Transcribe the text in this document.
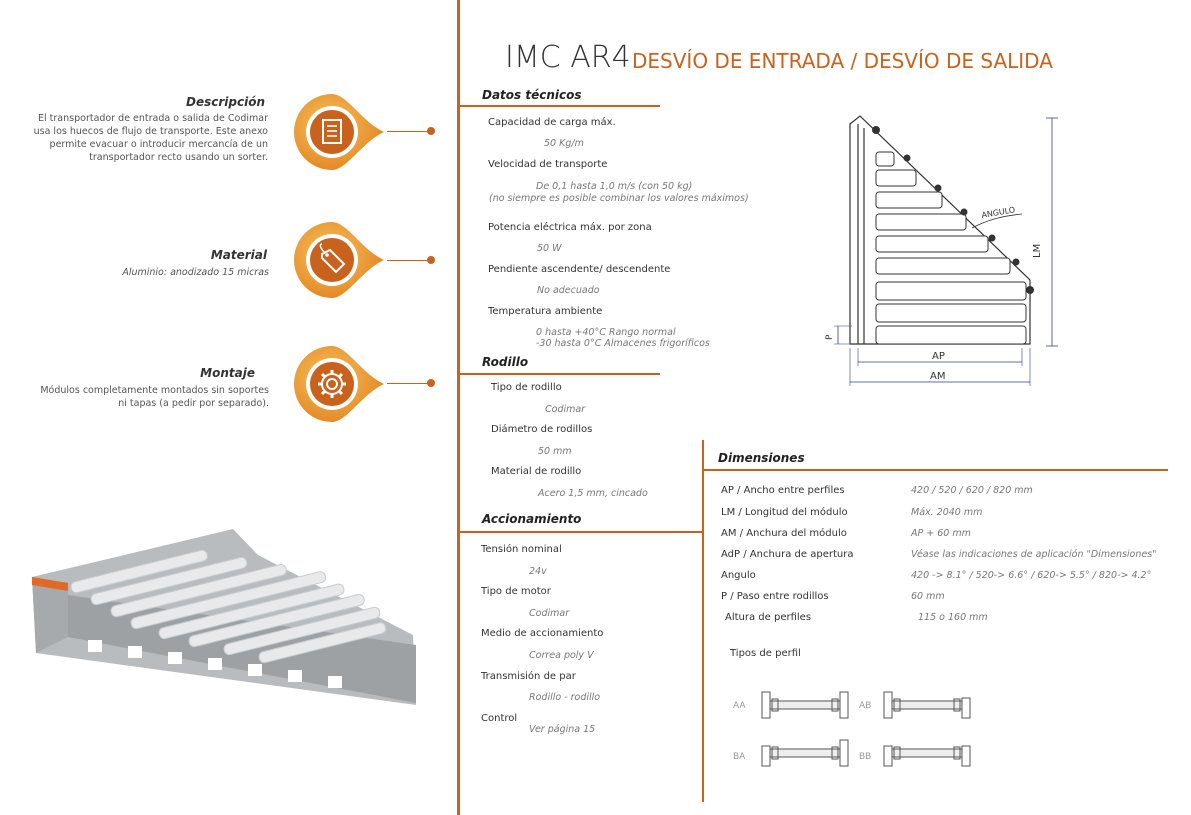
IMC AR4 DESVÍO DE ENTRADA / DESVÍO DE SALIDA
Descripción
El transportador de entrada o salida de Codimar
usa los huecos de flujo de transporte. Este anexo
permite evacuar o introducir mercancía de un
transportador recto usando un sorter.
Material
Aluminio: anodizado 15 micras
Montaje
Módulos completamente montados sin soportes
ni tapas (a pedir por separado).
Datos técnicos
Capacidad de carga máx.
50 Kg/m
Velocidad de transporte
De 0,1 hasta 1,0 m/s (con 50 kg)
(no siempre es posible combinar los valores máximos)
Potencia eléctrica máx. por zona
50 W
Pendiente ascendente/ descendente
No adecuado
Temperatura ambiente
0 hasta +40°C Rango normal
-30 hasta 0°C Almacenes frigoríficos
Rodillo
Tipo de rodillo
Codimar
Diámetro de rodillos
50 mm
Material de rodillo
Acero 1,5 mm, cincado
Accionamiento
Tensión nominal
24v
Tipo de motor
Codimar
Medio de accionamiento
Correa poly V
Transmisión de par
Rodillo - rodillo
Control
Ver página 15
ANGULO
LM
P
AP
AM
Dimensiones
AP / Ancho entre perfiles	420 / 520 / 620 / 820 mm
LM / Longitud del módulo	Máx. 2040 mm
AM / Anchura del módulo	AP + 60 mm
AdP / Anchura de apertura	Véase las indicaciones de aplicación "Dimensiones"
Angulo	420 -> 8.1° / 520-> 6.6° / 620-> 5.5° / 820-> 4.2°
P / Paso entre rodillos	60 mm
Altura de perfiles	115 o 160 mm
Tipos de perfil
AA	AB
BA	BB
